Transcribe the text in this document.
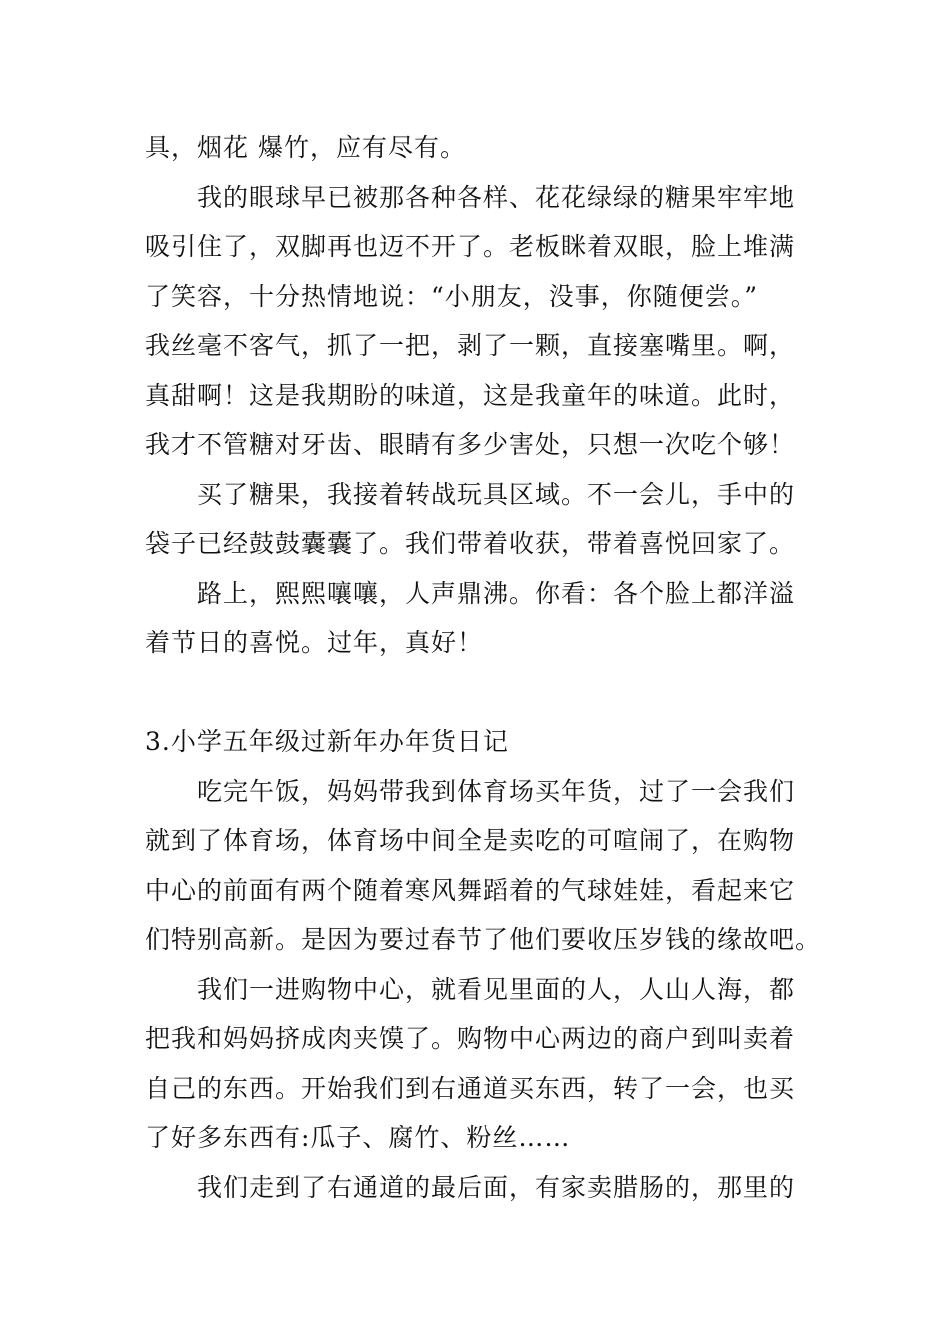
具，烟花 爆竹，应有尽有。
我的眼球早已被那各种各样、花花绿绿的糖果牢牢地
吸引住了，双脚再也迈不开了。老板眯着双眼，脸上堆满
了笑容，十分热情地说：“小朋友，没事，你随便尝。”
我丝毫不客气，抓了一把，剥了一颗，直接塞嘴里。啊，
真甜啊！这是我期盼的味道，这是我童年的味道。此时，
我才不管糖对牙齿、眼睛有多少害处，只想一次吃个够！
买了糖果，我接着转战玩具区域。不一会儿，手中的
袋子已经鼓鼓囊囊了。我们带着收获，带着喜悦回家了。
路上，熙熙嚷嚷，人声鼎沸。你看：各个脸上都洋溢
着节日的喜悦。过年，真好！
3.小学五年级过新年办年货日记
吃完午饭，妈妈带我到体育场买年货，过了一会我们
就到了体育场，体育场中间全是卖吃的可喧闹了，在购物
中心的前面有两个随着寒风舞蹈着的气球娃娃，看起来它
们特别高新。是因为要过春节了他们要收压岁钱的缘故吧。
我们一进购物中心，就看见里面的人，人山人海，都
把我和妈妈挤成肉夹馍了。购物中心两边的商户到叫卖着
自己的东西。开始我们到右通道买东西，转了一会，也买
了好多东西有:瓜子、腐竹、粉丝……
我们走到了右通道的最后面，有家卖腊肠的，那里的
